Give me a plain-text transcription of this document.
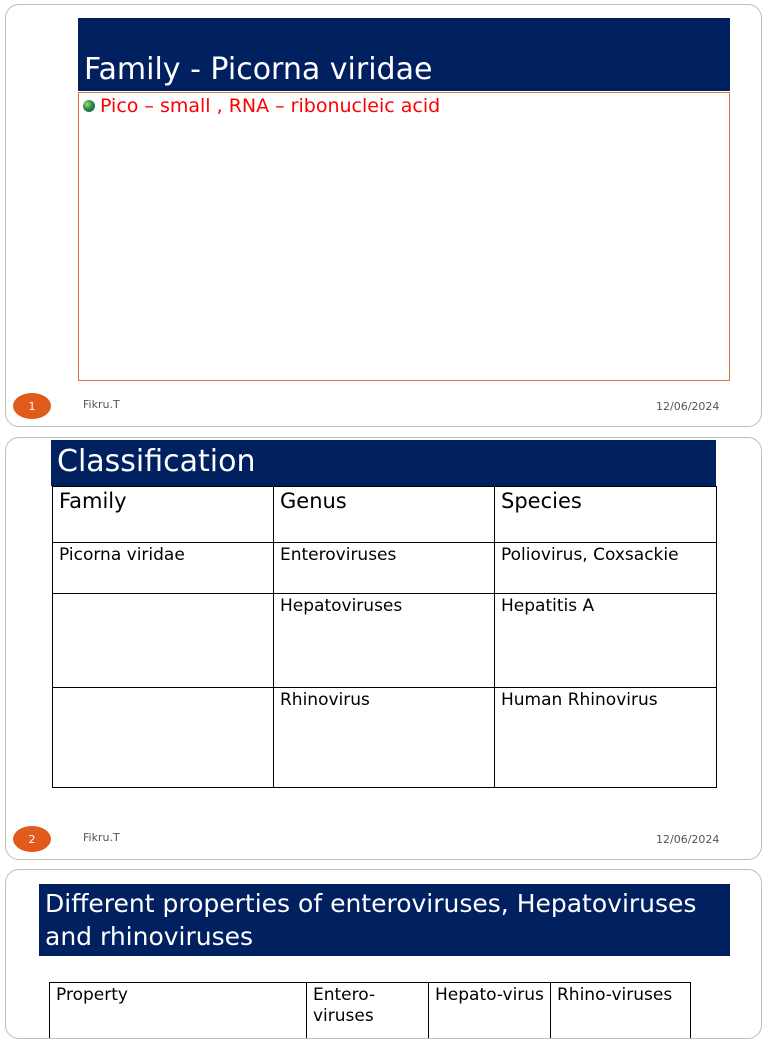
Family - Picorna viridae
Pico – small , RNA – ribonucleic acid
1	Fikru.T	12/06/2024
Classification
Family	Genus	Species
Picorna viridae	Enteroviruses	Poliovirus, Coxsackie
	Hepatoviruses	Hepatitis A
	Rhinovirus	Human Rhinovirus
2	Fikru.T	12/06/2024
Different properties of enteroviruses, Hepatoviruses and rhinoviruses
Property	Entero-viruses	Hepato-virus	Rhino-viruses
